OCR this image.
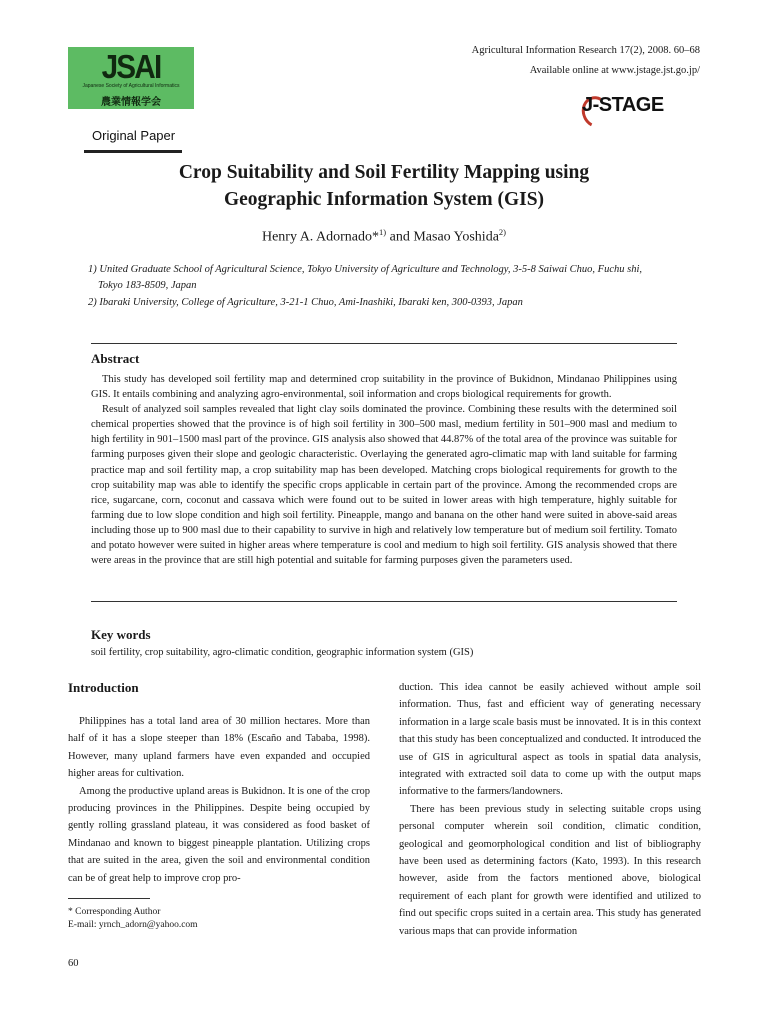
JSAI
Japanese Society of Agricultural Informatics
農業情報学会
Agricultural Information Research 17(2), 2008. 60–68
Available online at www.jstage.jst.go.jp/
J-STAGE
Original Paper
Crop Suitability and Soil Fertility Mapping using
Geographic Information System (GIS)
Henry A. Adornado*$^{1)}$ and Masao Yoshida$^{2)}$
1) United Graduate School of Agricultural Science, Tokyo University of Agriculture and Technology, 3-5-8 Saiwai Chuo, Fuchu shi,
Tokyo 183-8509, Japan
2) Ibaraki University, College of Agriculture, 3-21-1 Chuo, Ami-Inashiki, Ibaraki ken, 300-0393, Japan
Abstract

This study has developed soil fertility map and determined crop suitability in the province of Bukidnon, Mindanao Philippines using GIS. It entails combining and analyzing agro-environmental, soil information and crops biological requirements for growth.

Result of analyzed soil samples revealed that light clay soils dominated the province. Combining these results with the determined soil chemical properties showed that the province is of high soil fertility in 300–500 masl, medium fertility in 501–900 masl and medium to high fertility in 901–1500 masl part of the province. GIS analysis also showed that 44.87% of the total area of the province was suitable for farming purposes given their slope and geologic characteristic. Overlaying the generated agro-climatic map with land suitable for farming practice map and soil fertility map, a crop suitability map has been developed. Matching crops biological requirements for growth to the crop suitability map was able to identify the specific crops applicable in certain part of the province. Among the recommended crops are rice, sugarcane, corn, coconut and cassava which were found out to be suited in lower areas with high temperature, highly suitable for farming due to low slope condition and high soil fertility. Pineapple, mango and banana on the other hand were suited in above-said areas including those up to 900 masl due to their capability to survive in high and relatively low temperature but of medium soil fertility. Tomato and potato however were suited in higher areas where temperature is cool and medium to high soil fertility. GIS analysis showed that there were areas in the province that are still high potential and suitable for farming purposes given the parameters used.

Key words
soil fertility, crop suitability, agro-climatic condition, geographic information system (GIS)
Introduction

Philippines has a total land area of 30 million hectares. More than half of it has a slope steeper than 18% (Escaño and Tababa, 1998). However, many upland farmers have even expanded and occupied higher areas for cultivation.

Among the productive upland areas is Bukidnon. It is one of the crop producing provinces in the Philippines. Despite being occupied by gently rolling grassland plateau, it was considered as food basket of Mindanao and known to biggest pineapple plantation. Utilizing crops that are suited in the area, given the soil and environmental condition can be of great help to improve crop pro-

duction. This idea cannot be easily achieved without ample soil information. Thus, fast and efficient way of generating necessary information in a large scale basis must be innovated. It is in this context that this study has been conceptualized and conducted. It introduced the use of GIS in agricultural aspect as tools in spatial data analysis, integrated with extracted soil data to come up with the output maps informative to the farmers/landowners.

There has been previous study in selecting suitable crops using personal computer wherein soil condition, climatic condition, geological and geomorphological condition and list of bibliography have been used as determining factors (Kato, 1993). In this research however, aside from the factors mentioned above, biological requirement of each plant for growth were identified and utilized to find out specific crops suited in a certain area. This study has generated various maps that can provide information

* Corresponding Author
E-mail: yrnch_adorn@yahoo.com
60
